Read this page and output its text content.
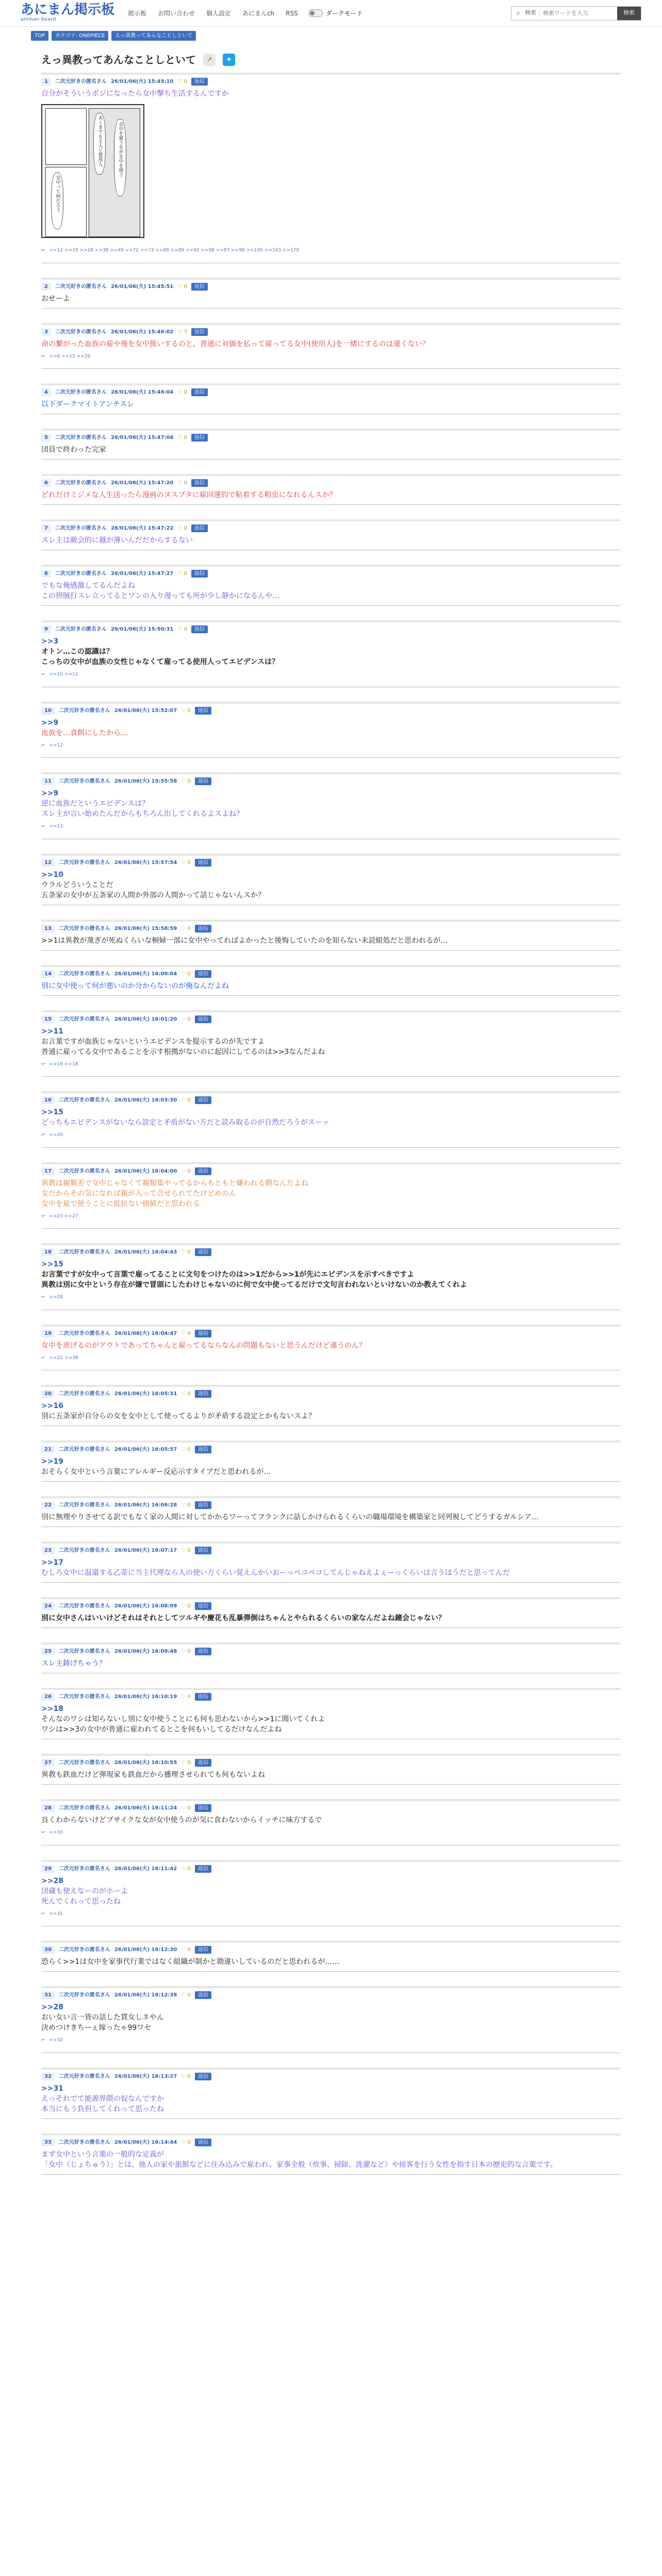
あにまん掲示板
animan board
掲示板 お問い合わせ 個人設定 あにまんch RSS	ダークモード	⌕ 検索
検索ワードを入力	検索
TOP	カテゴリ: ONEPIECE	えっ異教ってあんなことしといて
えっ異教ってあんなことしといて	↗	✦
1	二次元好きの匿名さん 26/01/06(火) 15:45:10 ♡ 0	返信
自分がそういうポジになったら女中撃ち生活するんですか
あくまでも主人と使用人	女中を雇う女が女中を使う
女中って何だろう
↩ >>12 >>19 >>28 >>38 >>49 >>72 >>73 >>88 >>89 >>92 >>98 >>97 >>98 >>100 >>163 >>170
2	二次元好きの匿名さん 26/01/06(火) 15:45:51 ♡ 0	返信
おせーよ
3	二次元好きの匿名さん 26/01/06(火) 15:46:02 ♡ 7	返信
命の繋がった血族の雇や後を女中扱いするのと、普通に対価を払って雇ってる女中(使用人)を一緒にするのは違くない？
↩ >>8 >>15 >>29
4	二次元好きの匿名さん 26/01/06(火) 15:46:04 ♡ 0	返信
以下ダークマイトアンチスレ
5	二次元好きの匿名さん 26/01/06(火) 15:47:04 ♡ 0	返信
団員で終わった完家
6	二次元好きの匿名さん 26/01/06(火) 15:47:20 ♡ 0	返信
どれだけミジメな人生送ったら漫画のヌスブタに雇回運的で粘着する粗虫になれるんスか？
7	二次元好きの匿名さん 26/01/06(火) 15:47:22 ♡ 0	返信
スレ主は敵会的に越が薄いんだだからするない
8	二次元好きの匿名さん 26/01/06(火) 15:47:27 ♡ 0	返信
でもな俺感激してるんだよね
この摂賊打スレ立ってるとワンの入り漫っても所が少し静かになるんや…
9	二次元好きの匿名さん 26/01/06(火) 15:50:31 ♡ 0	返信
>>3
オトン…この認識は？
こっちの女中が血族の女性じゃなくて雇ってる使用人ってエビデンスは？
↩ >>10 >>11
10	二次元好きの匿名さん 26/01/06(火) 15:52:07 ♡ 0	返信
>>9
血族を…食餌にしたから…
↩ >>12
11	二次元好きの匿名さん 26/01/06(火) 15:55:58 ♡ 0	返信
>>9
逆に血族だというエビデンスは？
スレ主が言い始めたんだからもちろん出してくれるよスよね？
↩ >>13
12	二次元好きの匿名さん 26/01/06(火) 15:57:54 ♡ 0	返信
>>10
ウラルどういうことだ
五条家の女中が五条家の人間か外部の人間かって話じゃないんスか？
13	二次元好きの匿名さん 26/01/06(火) 15:58:59 ♡ 0	返信
>>1は異教が蔑ぎが死ぬくらいな桐婦一部に女中やってればよかったと後悔していたのを知らない未読組処だと思われるが…
14	二次元好きの匿名さん 26/01/06(火) 16:00:04 ♡ 0	返信
別に女中使って何が悪いのか分からないのが俺なんだよね
15	二次元好きの匿名さん 26/01/06(火) 16:01:20 ♡ 0	返信
>>11
お言葉ですが血族じゃないというエビデンスを提示するのが先ですよ
普通に雇ってる女中であることを示す根拠がないのに起因にしてるのは>>3なんだよね
↩ >>16 >>18
16	二次元好きの匿名さん 26/01/06(火) 16:03:30 ♡ 0	返信
>>15
どっちもエビデンスがないなら設定と矛盾がない方だと読み取るのが自然だろうがスーッ
↩ >>20
17	二次元好きの匿名さん 26/01/06(火) 16:04:00 ♡ 0	返信
異教は親類差で女中じゃなくて親類集やってるからもともと嫌われる側なんだよね
女だからその気になれば親が入って合せられてたけどめのん
女中を雇で使うことに抵抗ない価値だと思われる
↩ >>23 >>27
18	二次元好きの匿名さん 26/01/06(火) 16:04:43 ♡ 0	返信
>>15
お言葉ですが女中って言葉で雇ってることに文句をつけたのは>>1だから>>1が先にエビデンスを示すべきですよ
異教は別に女中という存在が嫌で冒頭にしたわけじゃないのに何で女中使ってるだけで文句言われないといけないのか教えてくれよ
↩ >>28
19	二次元好きの匿名さん 26/01/06(火) 16:04:47 ♡ 0	返信
女中を虐げるのがアウトであってちゃんと雇ってるならなんの問題もないと思うんだけど違うのん？
↩ >>22 >>38
20	二次元好きの匿名さん 26/01/06(火) 16:05:31 ♡ 0	返信
>>16
別に五条家が自分らの女を女中として使ってるよりが矛盾する設定とかもないスよ？
21	二次元好きの匿名さん 26/01/06(火) 16:05:57 ♡ 0	返信
>>19
おそらく女中という言葉にアレルギー反応示すタイプだと思われるが…
22	二次元好きの匿名さん 26/01/06(火) 16:06:28 ♡ 0	返信
別に無理やりさせてる訳でもなく家の人間に対してかかるワーってフランクに話しかけられるくらいの職場環境を構築家と同列視してどうするガルシア…
23	二次元好きの匿名さん 26/01/06(火) 16:07:17 ♡ 0	返信
>>17
むしろ女中に温還する乙蒂に当主代理なら人の使い方くらい覚えんかいおーっぺコペコしてんじゃねえよぇーっくらいは言うほうだと思ってんだ
24	二次元好きの匿名さん 26/01/06(火) 16:08:09 ♡ 0	返信
別に女中さんはいいけどそれはそれとしてツルギや慶花も乱暴弾倒はちゃんとやられるくらいの家なんだよね鐘会じゃない？
25	二次元好きの匿名さん 26/01/06(火) 16:09:48 ♡ 0	返信
スレ主鋳げちゃう？
26	二次元好きの匿名さん 26/01/06(火) 16:10:19 ♡ 0	返信
>>18
そんなのワシは知らないし別に女中使うことにも何も思わないから>>1に聞いてくれよ
ワシは>>3の女中が普通に雇われてるとこを何もいしてるだけなんだよね
27	二次元好きの匿名さん 26/01/06(火) 16:10:55 ♡ 0	返信
異教も鉄血だけど弾現家も鉄血だから播理させられても何もないよね
28	二次元好きの匿名さん 26/01/06(火) 16:11:24 ♡ 0	返信
良くわからないけどブサイクな女が女中使うのが気に食わないからイッチに味方するで
↩ >>30
29	二次元好きの匿名さん 26/01/06(火) 16:11:42 ♡ 0	返信
>>28
団蔵も使えなーのがホーよ
死んでくれって思ったね
↩ >>31
30	二次元好きの匿名さん 26/01/06(火) 16:12:30 ♡ 0	返信
恐らく>>1は女中を家事代行業ではなく組織が制かと勘違いしているのだと思われるが……
31	二次元好きの匿名さん 26/01/06(火) 16:12:38 ♡ 0	返信
>>28
おい女い言一皆の話した貫女しネやん
決めつけきちーぇ嫁ったゃ99ワセ
↩ >>32
32	二次元好きの匿名さん 26/01/06(火) 16:13:27 ♡ 0	返信
>>31
えっそれでて能源界隈の奴なんですか
本当にもう負担してくれって思ったね
33	二次元好きの匿名さん 26/01/06(火) 16:14:44 ♡ 0	返信
まず女中という言葉の一般的な定義が
「女中（じょちゅう）」とは、他人の家や旅館などに住み込みで雇われ、家事全般（炊事、掃除、洗濯など）や接客を行う女性を指す日本の歴史的な言葉です。
